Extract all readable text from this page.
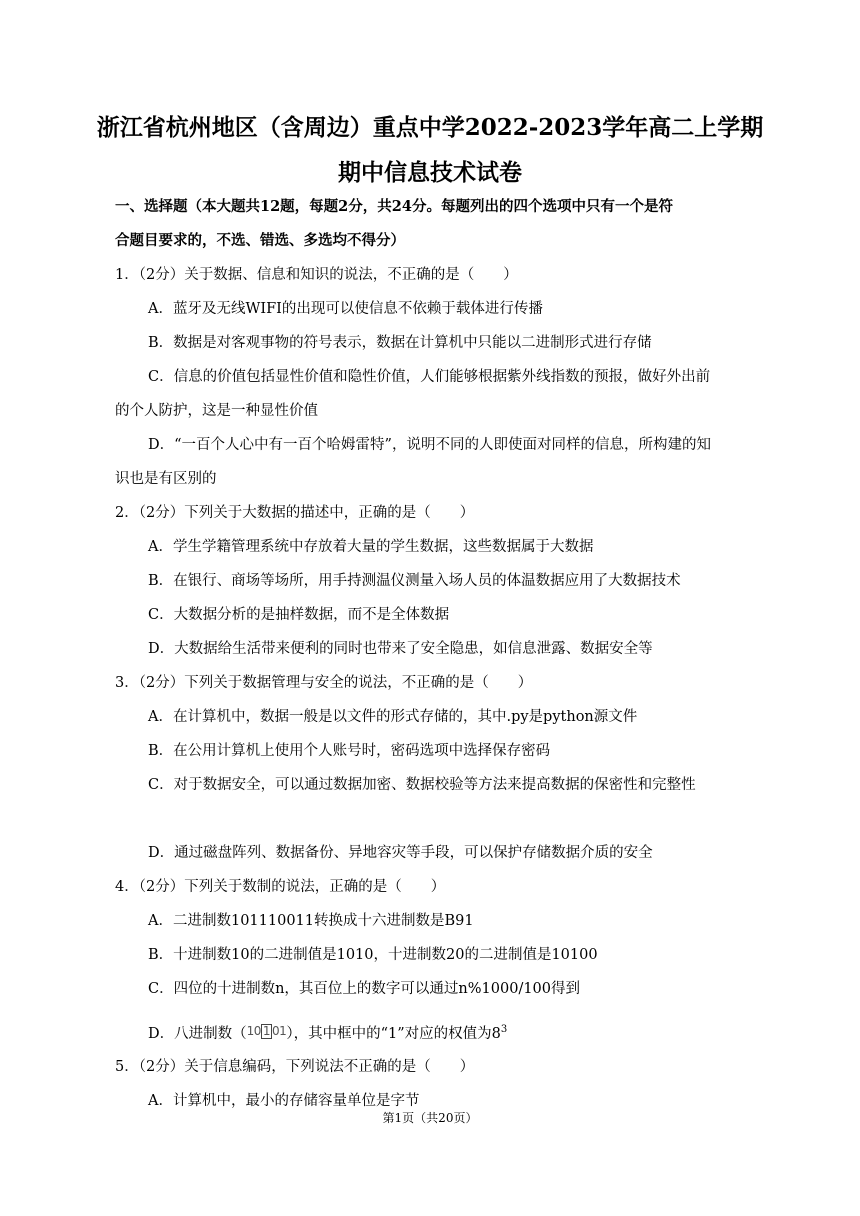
浙江省杭州地区（含周边）重点中学2022-2023学年高二上学期
期中信息技术试卷
一、选择题（本大题共12题，每题2分，共24分。每题列出的四个选项中只有一个是符
合题目要求的，不选、错选、多选均不得分）
1．（2分）关于数据、信息和知识的说法，不正确的是（　　）
A．蓝牙及无线WIFI的出现可以使信息不依赖于载体进行传播
B．数据是对客观事物的符号表示，数据在计算机中只能以二进制形式进行存储
C．信息的价值包括显性价值和隐性价值，人们能够根据紫外线指数的预报，做好外出前
的个人防护，这是一种显性价值
D．“一百个人心中有一百个哈姆雷特”，说明不同的人即使面对同样的信息，所构建的知
识也是有区别的
2．（2分）下列关于大数据的描述中，正确的是（　　）
A．学生学籍管理系统中存放着大量的学生数据，这些数据属于大数据
B．在银行、商场等场所，用手持测温仪测量入场人员的体温数据应用了大数据技术
C．大数据分析的是抽样数据，而不是全体数据
D．大数据给生活带来便利的同时也带来了安全隐患，如信息泄露、数据安全等
3．（2分）下列关于数据管理与安全的说法，不正确的是（　　）
A．在计算机中，数据一般是以文件的形式存储的，其中.py是python源文件
B．在公用计算机上使用个人账号时，密码选项中选择保存密码
C．对于数据安全，可以通过数据加密、数据校验等方法来提高数据的保密性和完整性
D．通过磁盘阵列、数据备份、异地容灾等手段，可以保护存储数据介质的安全
4．（2分）下列关于数制的说法，正确的是（　　）
A．二进制数101110011转换成十六进制数是B91
B．十进制数10的二进制值是1010，十进制数20的二进制值是10100
C．四位的十进制数n，其百位上的数字可以通过n%1000/100得到
D．八进制数（10 1 01），其中框中的“1”对应的权值为$8^3$
5．（2分）关于信息编码，下列说法不正确的是（　　）
A．计算机中，最小的存储容量单位是字节
第1页（共20页）
